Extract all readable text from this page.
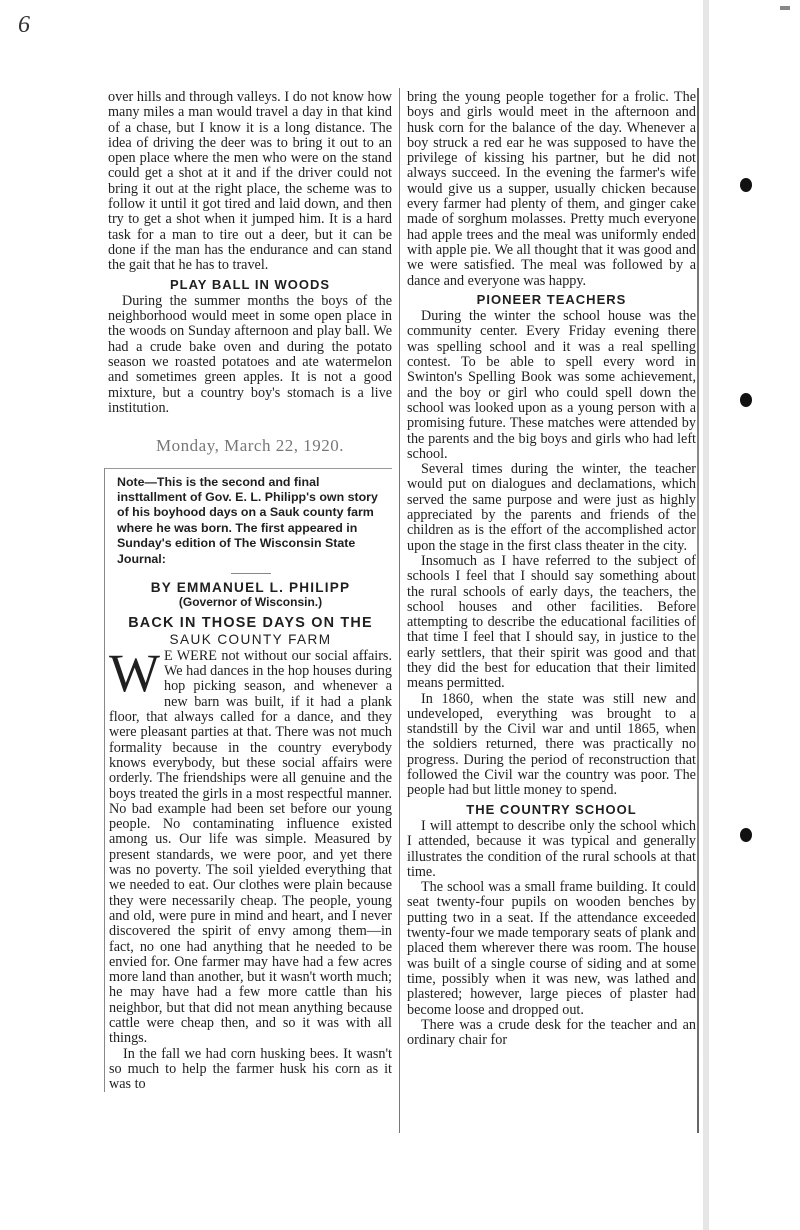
6

over hills and through valleys. I do not know how many miles a man would travel a day in that kind of a chase, but I know it is a long distance. The idea of driving the deer was to bring it out to an open place where the men who were on the stand could get a shot at it and if the driver could not bring it out at the right place, the scheme was to follow it until it got tired and laid down, and then try to get a shot when it jumped him. It is a hard task for a man to tire out a deer, but it can be done if the man has the endurance and can stand the gait that he has to travel.

PLAY BALL IN WOODS

During the summer months the boys of the neighborhood would meet in some open place in the woods on Sunday afternoon and play ball. We had a crude bake oven and during the potato season we roasted potatoes and ate watermelon and sometimes green apples. It is not a good mixture, but a country boy's stomach is a live institution.

Monday, March 22, 1920.
Note—This is the second and final insttallment of Gov. E. L. Philipp's own story of his boyhood days on a Sauk county farm where he was born. The first appeared in Sunday's edition of The Wisconsin State Journal:
BY EMMANUEL L. PHILIPP
(Governor of Wisconsin.)
BACK IN THOSE DAYS ON THE
SAUK COUNTY FARM

W E WERE not without our social affairs. We had dances in the hop houses during hop picking season, and whenever a new barn was built, if it had a plank floor, that always called for a dance, and they were pleasant parties at that. There was not much formality because in the country everybody knows everybody, but these social affairs were orderly. The friendships were all genuine and the boys treated the girls in a most respectful manner. No bad example had been set before our young people. No contaminating influence existed among us. Our life was simple. Measured by present standards, we were poor, and yet there was no poverty. The soil yielded everything that we needed to eat. Our clothes were plain because they were necessarily cheap. The people, young and old, were pure in mind and heart, and I never discovered the spirit of envy among them—in fact, no one had anything that he needed to be envied for. One farmer may have had a few acres more land than another, but it wasn't worth much; he may have had a few more cattle than his neighbor, but that did not mean anything because cattle were cheap then, and so it was with all things.

In the fall we had corn husking bees. It wasn't so much to help the farmer husk his corn as it was to

bring the young people together for a frolic. The boys and girls would meet in the afternoon and husk corn for the balance of the day. Whenever a boy struck a red ear he was supposed to have the privilege of kissing his partner, but he did not always succeed. In the evening the farmer's wife would give us a supper, usually chicken because every farmer had plenty of them, and ginger cake made of sorghum molasses. Pretty much everyone had apple trees and the meal was uniformly ended with apple pie. We all thought that it was good and we were satisfied. The meal was followed by a dance and everyone was happy.

PIONEER TEACHERS

During the winter the school house was the community center. Every Friday evening there was spelling school and it was a real spelling contest. To be able to spell every word in Swinton's Spelling Book was some achievement, and the boy or girl who could spell down the school was looked upon as a young person with a promising future. These matches were attended by the parents and the big boys and girls who had left school.

Several times during the winter, the teacher would put on dialogues and declamations, which served the same purpose and were just as highly appreciated by the parents and friends of the children as is the effort of the accomplished actor upon the stage in the first class theater in the city.

Insomuch as I have referred to the subject of schools I feel that I should say something about the rural schools of early days, the teachers, the school houses and other facilities. Before attempting to describe the educational facilities of that time I feel that I should say, in justice to the early settlers, that their spirit was good and that they did the best for education that their limited means permitted.

In 1860, when the state was still new and undeveloped, everything was brought to a standstill by the Civil war and until 1865, when the soldiers returned, there was practically no progress. During the period of reconstruction that followed the Civil war the country was poor. The people had but little money to spend.

THE COUNTRY SCHOOL

I will attempt to describe only the school which I attended, because it was typical and generally illustrates the condition of the rural schools at that time.

The school was a small frame building. It could seat twenty-four pupils on wooden benches by putting two in a seat. If the attendance exceeded twenty-four we made temporary seats of plank and placed them wherever there was room. The house was built of a single course of siding and at some time, possibly when it was new, was lathed and plastered; however, large pieces of plaster had become loose and dropped out.

There was a crude desk for the teacher and an ordinary chair for
